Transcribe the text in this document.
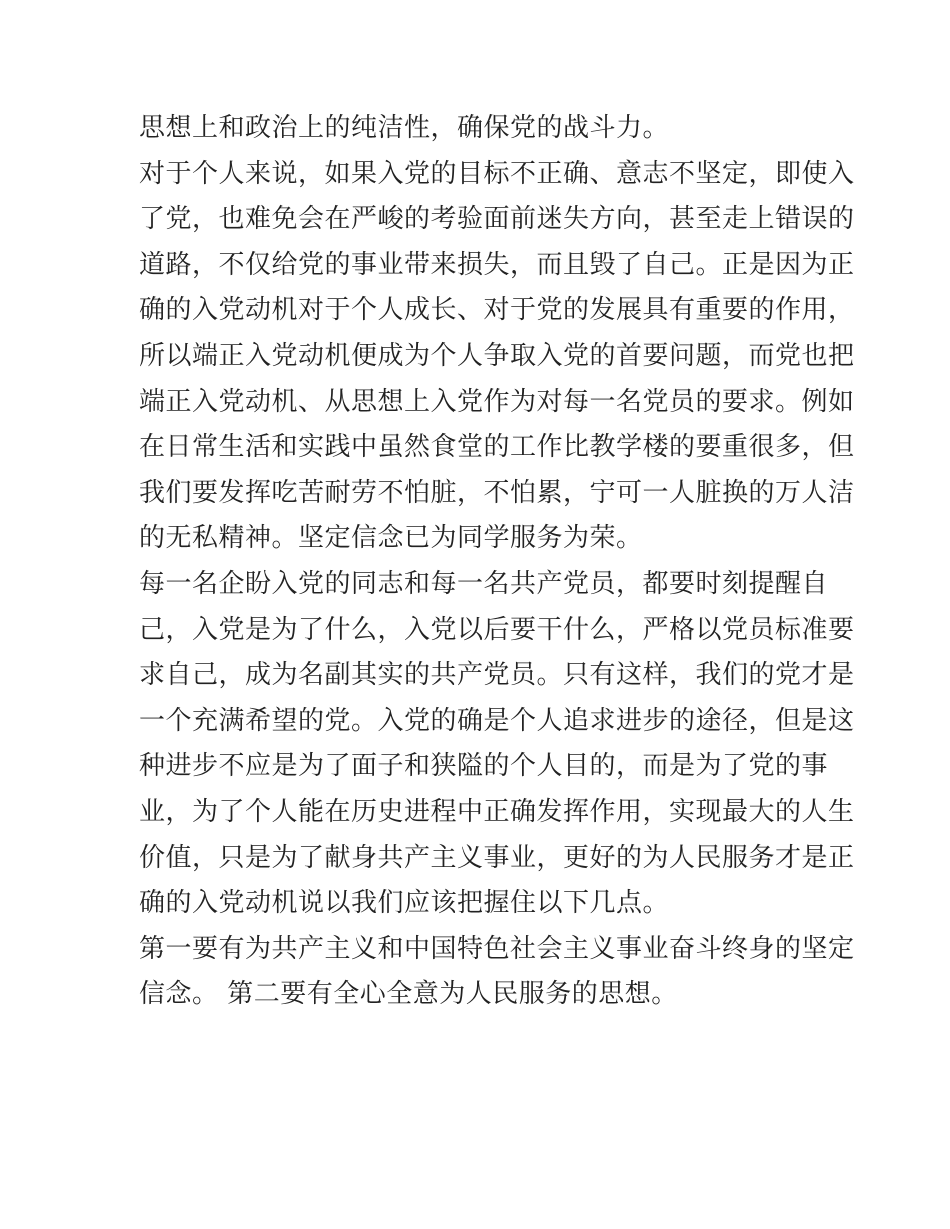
思想上和政治上的纯洁性，确保党的战斗力。
对于个人来说，如果入党的目标不正确、意志不坚定，即使入
了党，也难免会在严峻的考验面前迷失方向，甚至走上错误的
道路，不仅给党的事业带来损失，而且毁了自己。正是因为正
确的入党动机对于个人成长、对于党的发展具有重要的作用，
所以端正入党动机便成为个人争取入党的首要问题，而党也把
端正入党动机、从思想上入党作为对每一名党员的要求。例如
在日常生活和实践中虽然食堂的工作比教学楼的要重很多，但
我们要发挥吃苦耐劳不怕脏，不怕累，宁可一人脏换的万人洁
的无私精神。坚定信念已为同学服务为荣。
每一名企盼入党的同志和每一名共产党员，都要时刻提醒自
己，入党是为了什么，入党以后要干什么，严格以党员标准要
求自己，成为名副其实的共产党员。只有这样，我们的党才是
一个充满希望的党。入党的确是个人追求进步的途径，但是这
种进步不应是为了面子和狭隘的个人目的，而是为了党的事
业，为了个人能在历史进程中正确发挥作用，实现最大的人生
价值，只是为了献身共产主义事业，更好的为人民服务才是正
确的入党动机说以我们应该把握住以下几点。
第一要有为共产主义和中国特色社会主义事业奋斗终身的坚定
信念。 第二要有全心全意为人民服务的思想。
